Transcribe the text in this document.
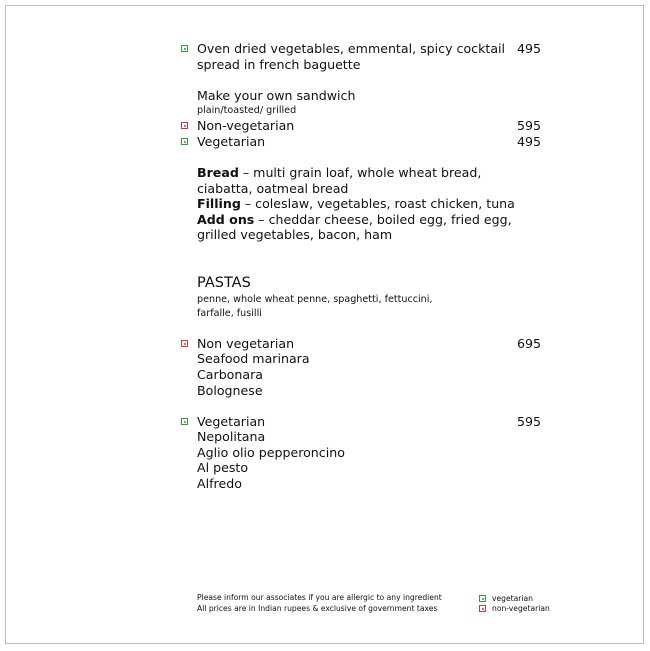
Oven dried vegetables, emmental, spicy cocktail
spread in french baguette
495
Make your own sandwich
plain/toasted/ grilled
Non-vegetarian	595
Vegetarian	495
Bread – multi grain loaf, whole wheat bread,
ciabatta, oatmeal bread
Filling – coleslaw, vegetables, roast chicken, tuna
Add ons – cheddar cheese, boiled egg, fried egg,
grilled vegetables, bacon, ham
PASTAS
penne, whole wheat penne, spaghetti, fettuccini,
farfalle, fusilli
Non vegetarian	695
Seafood marinara
Carbonara
Bolognese
Vegetarian	595
Nepolitana
Aglio olio pepperoncino
Al pesto
Alfredo
Please inform our associates if you are allergic to any ingredient
All prices are in Indian rupees & exclusive of government taxes
vegetarian
non-vegetarian
